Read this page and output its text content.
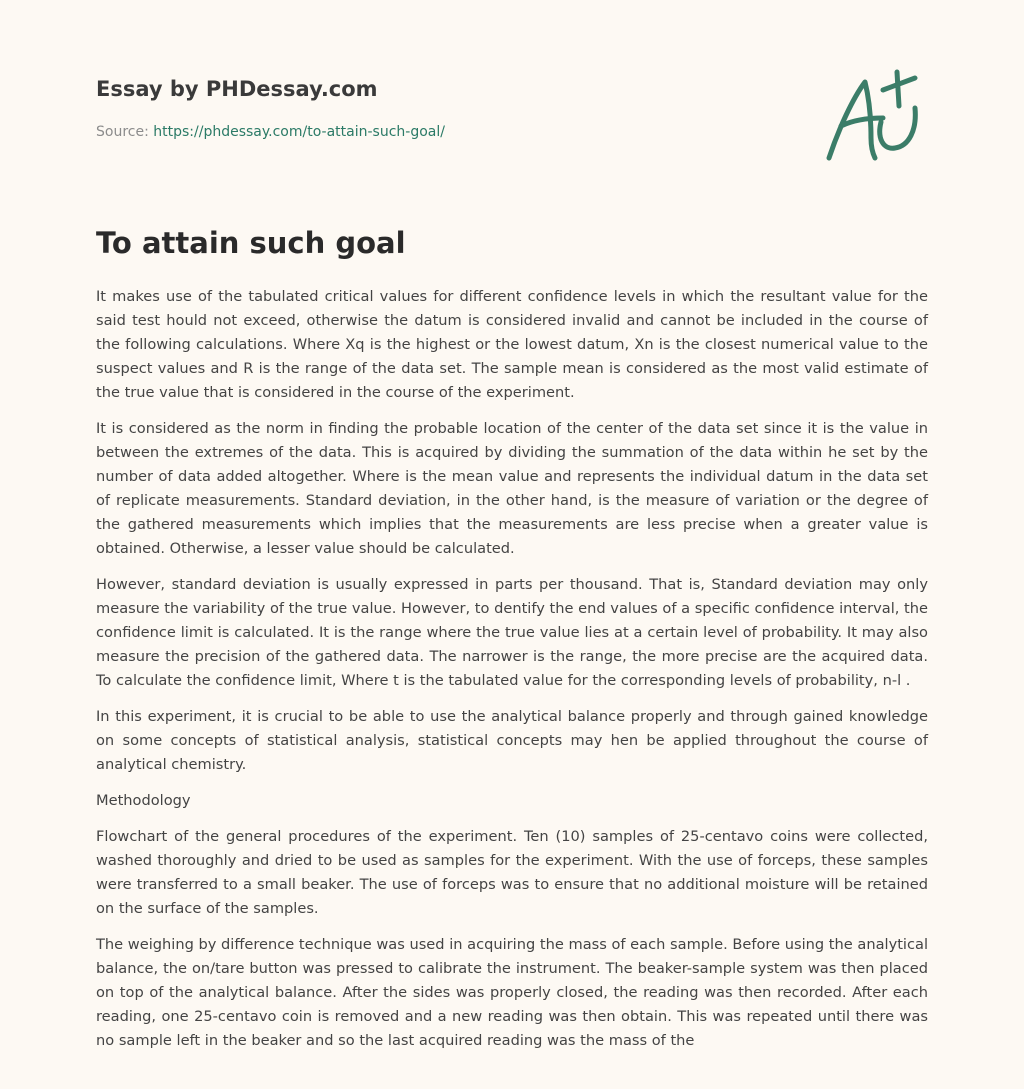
Essay by PHDessay.com
Source: https://phdessay.com/to-attain-such-goal/
To attain such goal

It makes use of the tabulated critical values for different confidence levels in which the resultant value for the said test hould not exceed, otherwise the datum is considered invalid and cannot be included in the course of the following calculations. Where Xq is the highest or the lowest datum, Xn is the closest numerical value to the suspect values and R is the range of the data set. The sample mean is considered as the most valid estimate of the true value that is considered in the course of the experiment.

It is considered as the norm in finding the probable location of the center of the data set since it is the value in between the extremes of the data. This is acquired by dividing the summation of the data within he set by the number of data added altogether. Where is the mean value and represents the individual datum in the data set of replicate measurements. Standard deviation, in the other hand, is the measure of variation or the degree of the gathered measurements which implies that the measurements are less precise when a greater value is obtained. Otherwise, a lesser value should be calculated.

However, standard deviation is usually expressed in parts per thousand. That is, Standard deviation may only measure the variability of the true value. However, to dentify the end values of a specific confidence interval, the confidence limit is calculated. It is the range where the true value lies at a certain level of probability. It may also measure the precision of the gathered data. The narrower is the range, the more precise are the acquired data. To calculate the confidence limit, Where t is the tabulated value for the corresponding levels of probability, n-l .

In this experiment, it is crucial to be able to use the analytical balance properly and through gained knowledge on some concepts of statistical analysis, statistical concepts may hen be applied throughout the course of analytical chemistry.

Methodology

Flowchart of the general procedures of the experiment. Ten (10) samples of 25-centavo coins were collected, washed thoroughly and dried to be used as samples for the experiment. With the use of forceps, these samples were transferred to a small beaker. The use of forceps was to ensure that no additional moisture will be retained on the surface of the samples.

The weighing by difference technique was used in acquiring the mass of each sample. Before using the analytical balance, the on/tare button was pressed to calibrate the instrument. The beaker-sample system was then placed on top of the analytical balance. After the sides was properly closed, the reading was then recorded. After each reading, one 25-centavo coin is removed and a new reading was then obtain. This was repeated until there was no sample left in the beaker and so the last acquired reading was the mass of the
